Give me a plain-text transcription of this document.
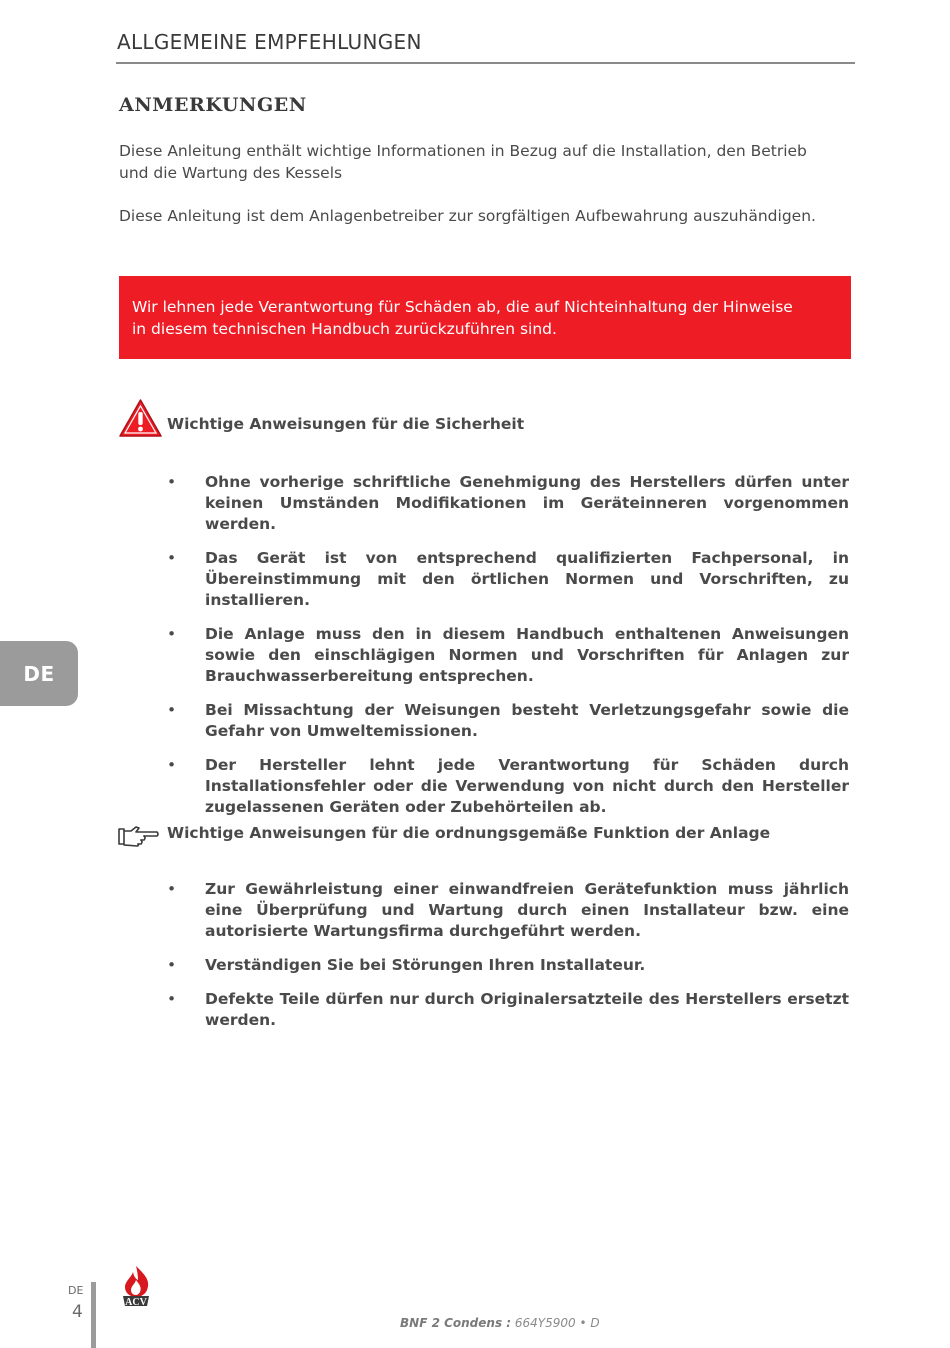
ALLGEMEINE EMPFEHLUNGEN
ANMERKUNGEN

Diese Anleitung enthält wichtige Informationen in Bezug auf die Installation, den Betrieb und die Wartung des Kessels

Diese Anleitung ist dem Anlagenbetreiber zur sorgfältigen Aufbewahrung auszuhändigen.

Wir lehnen jede Verantwortung für Schäden ab, die auf Nichteinhaltung der Hinweise

in diesem technischen Handbuch zurückzuführen sind.

Wichtige Anweisungen für die Sicherheit
• Ohne vorherige schriftliche Genehmigung des Herstellers dürfen unter keinen Umständen Modifikationen im Geräteinneren vorgenommen werden.
• Das Gerät ist von entsprechend qualifizierten Fachpersonal, in Übereinstimmung mit den örtlichen Normen und Vorschriften, zu installieren.
• Die Anlage muss den in diesem Handbuch enthaltenen Anweisungen sowie den einschlägigen Normen und Vorschriften für Anlagen zur Brauchwasserbereitung entsprechen.
• Bei Missachtung der Weisungen besteht Verletzungsgefahr sowie die Gefahr von Umweltemissionen.
• Der Hersteller lehnt jede Verantwortung für Schäden durch Installationsfehler oder die Verwendung von nicht durch den Hersteller zugelassenen Geräten oder Zubehörteilen ab.
Wichtige Anweisungen für die ordnungsgemäße Funktion der Anlage
• Zur Gewährleistung einer einwandfreien Gerätefunktion muss jährlich eine Überprüfung und Wartung durch einen Installateur bzw. eine autorisierte Wartungsfirma durchgeführt werden.
• Verständigen Sie bei Störungen Ihren Installateur.
• Defekte Teile dürfen nur durch Originalersatzteile des Herstellers ersetzt werden.
DE
DE
4	ACV
BNF 2 Condens : 664Y5900 • D
